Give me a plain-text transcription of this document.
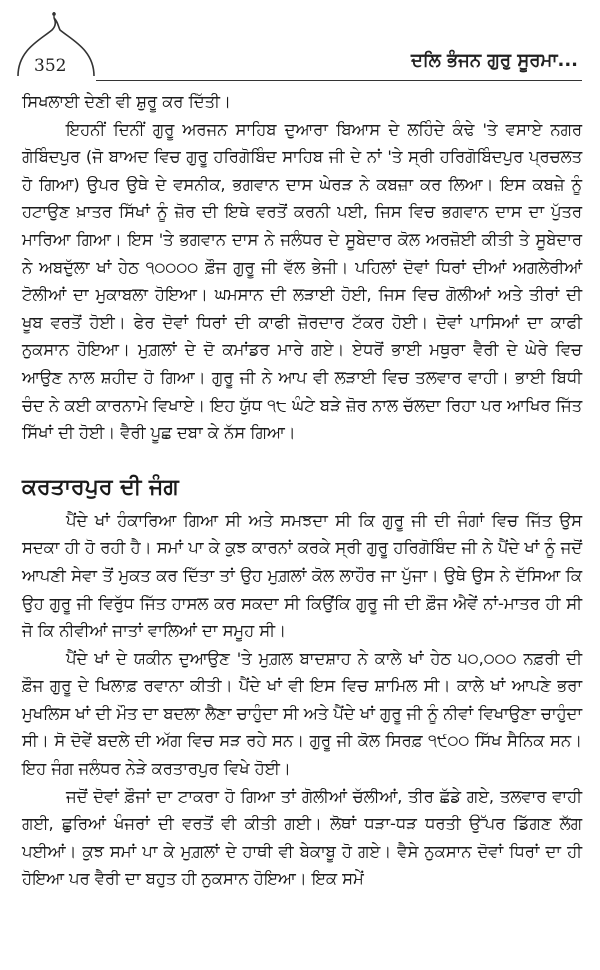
352	ਦਲਿ ਭੰਜਨ ਗੁਰੁ ਸੂਰਮਾ...

ਸਿਖਲਾਈ ਦੇਣੀ ਵੀ ਸ਼ੁਰੂ ਕਰ ਦਿੱਤੀ।

ਇਹਨੀਂ ਦਿਨੀਂ ਗੁਰੂ ਅਰਜਨ ਸਾਹਿਬ ਦੁਆਰਾ ਬਿਆਸ ਦੇ ਲਹਿੰਦੇ ਕੰਢੇ 'ਤੇ ਵਸਾਏ ਨਗਰ ਗੋਬਿੰਦਪੁਰ (ਜੋ ਬਾਅਦ ਵਿਚ ਗੁਰੂ ਹਰਿਗੋਬਿੰਦ ਸਾਹਿਬ ਜੀ ਦੇ ਨਾਂ 'ਤੇ ਸ੍ਰੀ ਹਰਿਗੋਬਿੰਦਪੁਰ ਪ੍ਰਚਲਤ ਹੋ ਗਿਆ) ਉਪਰ ਉਥੇ ਦੇ ਵਸਨੀਕ, ਭਗਵਾਨ ਦਾਸ ਘੇਰੜ ਨੇ ਕਬਜ਼ਾ ਕਰ ਲਿਆ। ਇਸ ਕਬਜ਼ੇ ਨੂੰ ਹਟਾਉਣ ਖ਼ਾਤਰ ਸਿੱਖਾਂ ਨੂੰ ਜ਼ੋਰ ਦੀ ਇਥੇ ਵਰਤੋਂ ਕਰਨੀ ਪਈ, ਜਿਸ ਵਿਚ ਭਗਵਾਨ ਦਾਸ ਦਾ ਪੁੱਤਰ ਮਾਰਿਆ ਗਿਆ। ਇਸ 'ਤੇ ਭਗਵਾਨ ਦਾਸ ਨੇ ਜਲੰਧਰ ਦੇ ਸੂਬੇਦਾਰ ਕੋਲ ਅਰਜ਼ੋਈ ਕੀਤੀ ਤੇ ਸੂਬੇਦਾਰ ਨੇ ਅਬਦੁੱਲਾ ਖਾਂ ਹੇਠ ੧੦੦੦੦ ਫ਼ੌਜ ਗੁਰੂ ਜੀ ਵੱਲ ਭੇਜੀ। ਪਹਿਲਾਂ ਦੋਵਾਂ ਧਿਰਾਂ ਦੀਆਂ ਅਗਲੇਰੀਆਂ ਟੋਲੀਆਂ ਦਾ ਮੁਕਾਬਲਾ ਹੋਇਆ। ਘਮਸਾਨ ਦੀ ਲੜਾਈ ਹੋਈ, ਜਿਸ ਵਿਚ ਗੋਲੀਆਂ ਅਤੇ ਤੀਰਾਂ ਦੀ ਖੂਬ ਵਰਤੋਂ ਹੋਈ। ਫੇਰ ਦੋਵਾਂ ਧਿਰਾਂ ਦੀ ਕਾਫੀ ਜ਼ੋਰਦਾਰ ਟੱਕਰ ਹੋਈ। ਦੋਵਾਂ ਪਾਸਿਆਂ ਦਾ ਕਾਫੀ ਨੁਕਸਾਨ ਹੋਇਆ। ਮੁਗ਼ਲਾਂ ਦੇ ਦੋ ਕਮਾਂਡਰ ਮਾਰੇ ਗਏ। ਏਧਰੋਂ ਭਾਈ ਮਥੁਰਾ ਵੈਰੀ ਦੇ ਘੇਰੇ ਵਿਚ ਆਉਣ ਨਾਲ ਸ਼ਹੀਦ ਹੋ ਗਿਆ। ਗੁਰੂ ਜੀ ਨੇ ਆਪ ਵੀ ਲੜਾਈ ਵਿਚ ਤਲਵਾਰ ਵਾਹੀ। ਭਾਈ ਬਿਧੀ ਚੰਦ ਨੇ ਕਈ ਕਾਰਨਾਮੇ ਵਿਖਾਏ। ਇਹ ਯੁੱਧ ੧੮ ਘੰਟੇ ਬੜੇ ਜ਼ੋਰ ਨਾਲ ਚੱਲਦਾ ਰਿਹਾ ਪਰ ਆਖਿਰ ਜਿੱਤ ਸਿੱਖਾਂ ਦੀ ਹੋਈ। ਵੈਰੀ ਪੂਛ ਦਬਾ ਕੇ ਨੱਸ ਗਿਆ।

ਕਰਤਾਰਪੁਰ ਦੀ ਜੰਗ

ਪੈਂਦੇ ਖਾਂ ਹੰਕਾਰਿਆ ਗਿਆ ਸੀ ਅਤੇ ਸਮਝਦਾ ਸੀ ਕਿ ਗੁਰੂ ਜੀ ਦੀ ਜੰਗਾਂ ਵਿਚ ਜਿੱਤ ਉਸ ਸਦਕਾ ਹੀ ਹੋ ਰਹੀ ਹੈ। ਸਮਾਂ ਪਾ ਕੇ ਕੁਝ ਕਾਰਨਾਂ ਕਰਕੇ ਸ੍ਰੀ ਗੁਰੂ ਹਰਿਗੋਬਿੰਦ ਜੀ ਨੇ ਪੈਂਦੇ ਖਾਂ ਨੂੰ ਜਦੋਂ ਆਪਣੀ ਸੇਵਾ ਤੋਂ ਮੁਕਤ ਕਰ ਦਿੱਤਾ ਤਾਂ ਉਹ ਮੁਗ਼ਲਾਂ ਕੋਲ ਲਾਹੌਰ ਜਾ ਪੁੱਜਾ। ਉਥੇ ਉਸ ਨੇ ਦੱਸਿਆ ਕਿ ਉਹ ਗੁਰੂ ਜੀ ਵਿਰੁੱਧ ਜਿੱਤ ਹਾਸਲ ਕਰ ਸਕਦਾ ਸੀ ਕਿਉਂਕਿ ਗੁਰੂ ਜੀ ਦੀ ਫ਼ੌਜ ਐਵੇਂ ਨਾਂ-ਮਾਤਰ ਹੀ ਸੀ ਜੋ ਕਿ ਨੀਵੀਆਂ ਜਾਤਾਂ ਵਾਲਿਆਂ ਦਾ ਸਮੂਹ ਸੀ।

ਪੈਂਦੇ ਖਾਂ ਦੇ ਯਕੀਨ ਦੁਆਉਣ 'ਤੇ ਮੁਗ਼ਲ ਬਾਦਸ਼ਾਹ ਨੇ ਕਾਲੇ ਖਾਂ ਹੇਠ ੫੦,੦੦੦ ਨਫ਼ਰੀ ਦੀ ਫ਼ੌਜ ਗੁਰੂ ਦੇ ਖਿਲਾਫ਼ ਰਵਾਨਾ ਕੀਤੀ। ਪੈਂਦੇ ਖਾਂ ਵੀ ਇਸ ਵਿਚ ਸ਼ਾਮਿਲ ਸੀ। ਕਾਲੇ ਖਾਂ ਆਪਣੇ ਭਰਾ ਮੁਖਲਿਸ ਖਾਂ ਦੀ ਮੌਤ ਦਾ ਬਦਲਾ ਲੈਣਾ ਚਾਹੁੰਦਾ ਸੀ ਅਤੇ ਪੈਂਦੇ ਖਾਂ ਗੁਰੂ ਜੀ ਨੂੰ ਨੀਵਾਂ ਵਿਖਾਉਣਾ ਚਾਹੁੰਦਾ ਸੀ। ਸੋ ਦੋਵੇਂ ਬਦਲੇ ਦੀ ਅੱਗ ਵਿਚ ਸੜ ਰਹੇ ਸਨ। ਗੁਰੂ ਜੀ ਕੋਲ ਸਿਰਫ਼ ੧੯੦੦ ਸਿੱਖ ਸੈਨਿਕ ਸਨ। ਇਹ ਜੰਗ ਜਲੰਧਰ ਨੇੜੇ ਕਰਤਾਰਪੁਰ ਵਿਖੇ ਹੋਈ।

ਜਦੋਂ ਦੋਵਾਂ ਫ਼ੌਜਾਂ ਦਾ ਟਾਕਰਾ ਹੋ ਗਿਆ ਤਾਂ ਗੋਲੀਆਂ ਚੱਲੀਆਂ, ਤੀਰ ਛੱਡੇ ਗਏ, ਤਲਵਾਰ ਵਾਹੀ ਗਈ, ਛੁਰਿਆਂ ਖੰਜਰਾਂ ਦੀ ਵਰਤੋਂ ਵੀ ਕੀਤੀ ਗਈ। ਲੋਥਾਂ ਧੜਾ-ਧੜ ਧਰਤੀ ਉੱਪਰ ਡਿੱਗਣ ਲੱਗ ਪਈਆਂ। ਕੁਝ ਸਮਾਂ ਪਾ ਕੇ ਮੁਗ਼ਲਾਂ ਦੇ ਹਾਥੀ ਵੀ ਬੇਕਾਬੂ ਹੋ ਗਏ। ਵੈਸੇ ਨੁਕਸਾਨ ਦੋਵਾਂ ਧਿਰਾਂ ਦਾ ਹੀ ਹੋਇਆ ਪਰ ਵੈਰੀ ਦਾ ਬਹੁਤ ਹੀ ਨੁਕਸਾਨ ਹੋਇਆ। ਇਕ ਸਮੇਂ
